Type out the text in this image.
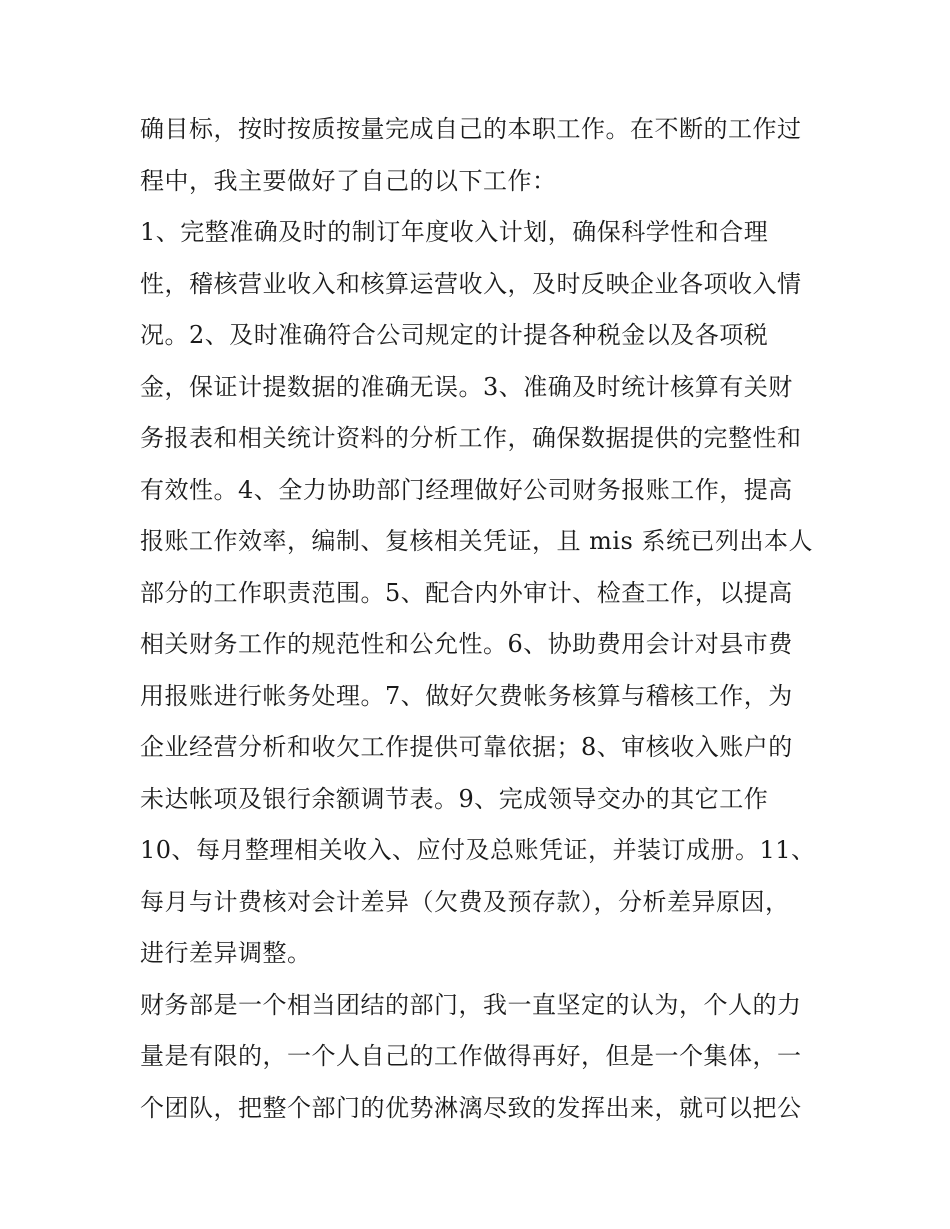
确目标，按时按质按量完成自己的本职工作。在不断的工作过
程中，我主要做好了自己的以下工作：
1、完整准确及时的制订年度收入计划，确保科学性和合理
性，稽核营业收入和核算运营收入，及时反映企业各项收入情
况。2、及时准确符合公司规定的计提各种税金以及各项税
金，保证计提数据的准确无误。3、准确及时统计核算有关财
务报表和相关统计资料的分析工作，确保数据提供的完整性和
有效性。4、全力协助部门经理做好公司财务报账工作，提高
报账工作效率，编制、复核相关凭证，且 mis 系统已列出本人
部分的工作职责范围。5、配合内外审计、检查工作，以提高
相关财务工作的规范性和公允性。6、协助费用会计对县市费
用报账进行帐务处理。7、做好欠费帐务核算与稽核工作，为
企业经营分析和收欠工作提供可靠依据；8、审核收入账户的
未达帐项及银行余额调节表。9、完成领导交办的其它工作
10、每月整理相关收入、应付及总账凭证，并装订成册。11、
每月与计费核对会计差异（欠费及预存款），分析差异原因，
进行差异调整。
财务部是一个相当团结的部门，我一直坚定的认为，个人的力
量是有限的，一个人自己的工作做得再好，但是一个集体，一
个团队，把整个部门的优势淋漓尽致的发挥出来，就可以把公
